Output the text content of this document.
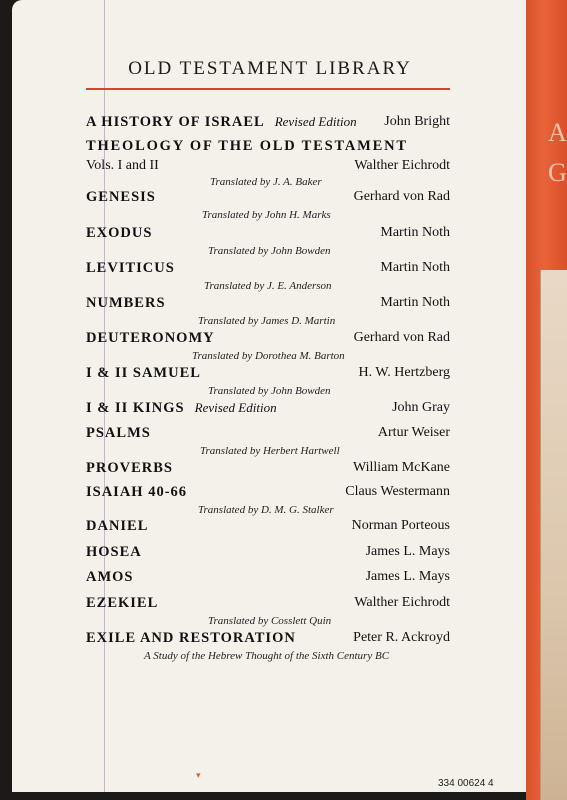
A
G
OLD TESTAMENT LIBRARY
A HISTORY OF ISRAEL Revised Edition John Bright
THEOLOGY OF THE OLD TESTAMENT
Vols. I and II	Walther Eichrodt
Translated by J. A. Baker
GENESIS	Gerhard von Rad
Translated by John H. Marks
EXODUS	Martin Noth
Translated by John Bowden
LEVITICUS	Martin Noth
Translated by J. E. Anderson
NUMBERS	Martin Noth
Translated by James D. Martin
DEUTERONOMY	Gerhard von Rad
Translated by Dorothea M. Barton
I & II SAMUEL	H. W. Hertzberg
Translated by John Bowden
I & II KINGS Revised Edition	John Gray
PSALMS	Artur Weiser
Translated by Herbert Hartwell
PROVERBS	William McKane
ISAIAH 40-66	Claus Westermann
Translated by D. M. G. Stalker
DANIEL	Norman Porteous
HOSEA	James L. Mays
AMOS	James L. Mays
EZEKIEL	Walther Eichrodt
Translated by Cosslett Quin
EXILE AND RESTORATION	Peter R. Ackroyd
A Study of the Hebrew Thought of the Sixth Century BC
▾
334 00624 4
